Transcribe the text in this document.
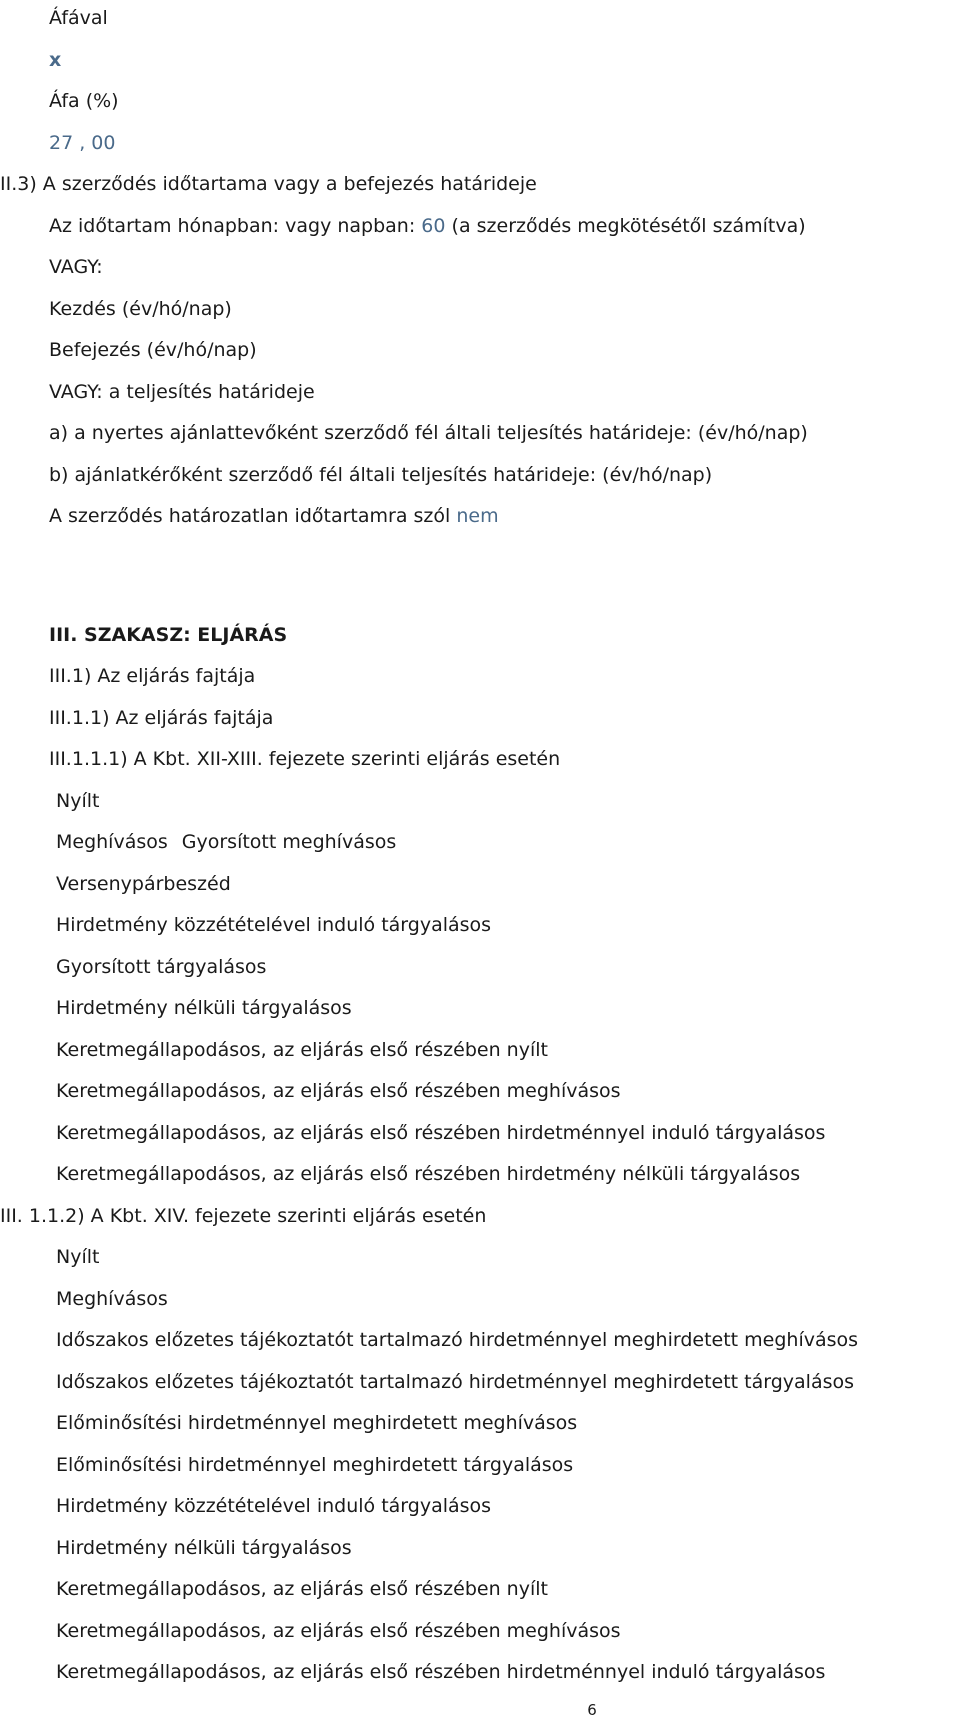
Áfával
x
Áfa (%)
27 , 00
II.3) A szerződés időtartama vagy a befejezés határideje
Az időtartam hónapban: vagy napban: 60 (a szerződés megkötésétől számítva)
VAGY:
Kezdés (év/hó/nap)
Befejezés (év/hó/nap)
VAGY: a teljesítés határideje
a) a nyertes ajánlattevőként szerződő fél általi teljesítés határideje: (év/hó/nap)
b) ajánlatkérőként szerződő fél általi teljesítés határideje: (év/hó/nap)
A szerződés határozatlan időtartamra szól nem
III. SZAKASZ: ELJÁRÁS
III.1) Az eljárás fajtája
III.1.1) Az eljárás fajtája
III.1.1.1) A Kbt. XII-XIII. fejezete szerinti eljárás esetén
Nyílt
Meghívásos Gyorsított meghívásos
Versenypárbeszéd
Hirdetmény közzétételével induló tárgyalásos
Gyorsított tárgyalásos
Hirdetmény nélküli tárgyalásos
Keretmegállapodásos, az eljárás első részében nyílt
Keretmegállapodásos, az eljárás első részében meghívásos
Keretmegállapodásos, az eljárás első részében hirdetménnyel induló tárgyalásos
Keretmegállapodásos, az eljárás első részében hirdetmény nélküli tárgyalásos
III. 1.1.2) A Kbt. XIV. fejezete szerinti eljárás esetén
Nyílt
Meghívásos
Időszakos előzetes tájékoztatót tartalmazó hirdetménnyel meghirdetett meghívásos
Időszakos előzetes tájékoztatót tartalmazó hirdetménnyel meghirdetett tárgyalásos
Előminősítési hirdetménnyel meghirdetett meghívásos
Előminősítési hirdetménnyel meghirdetett tárgyalásos
Hirdetmény közzétételével induló tárgyalásos
Hirdetmény nélküli tárgyalásos
Keretmegállapodásos, az eljárás első részében nyílt
Keretmegállapodásos, az eljárás első részében meghívásos
Keretmegállapodásos, az eljárás első részében hirdetménnyel induló tárgyalásos
6
